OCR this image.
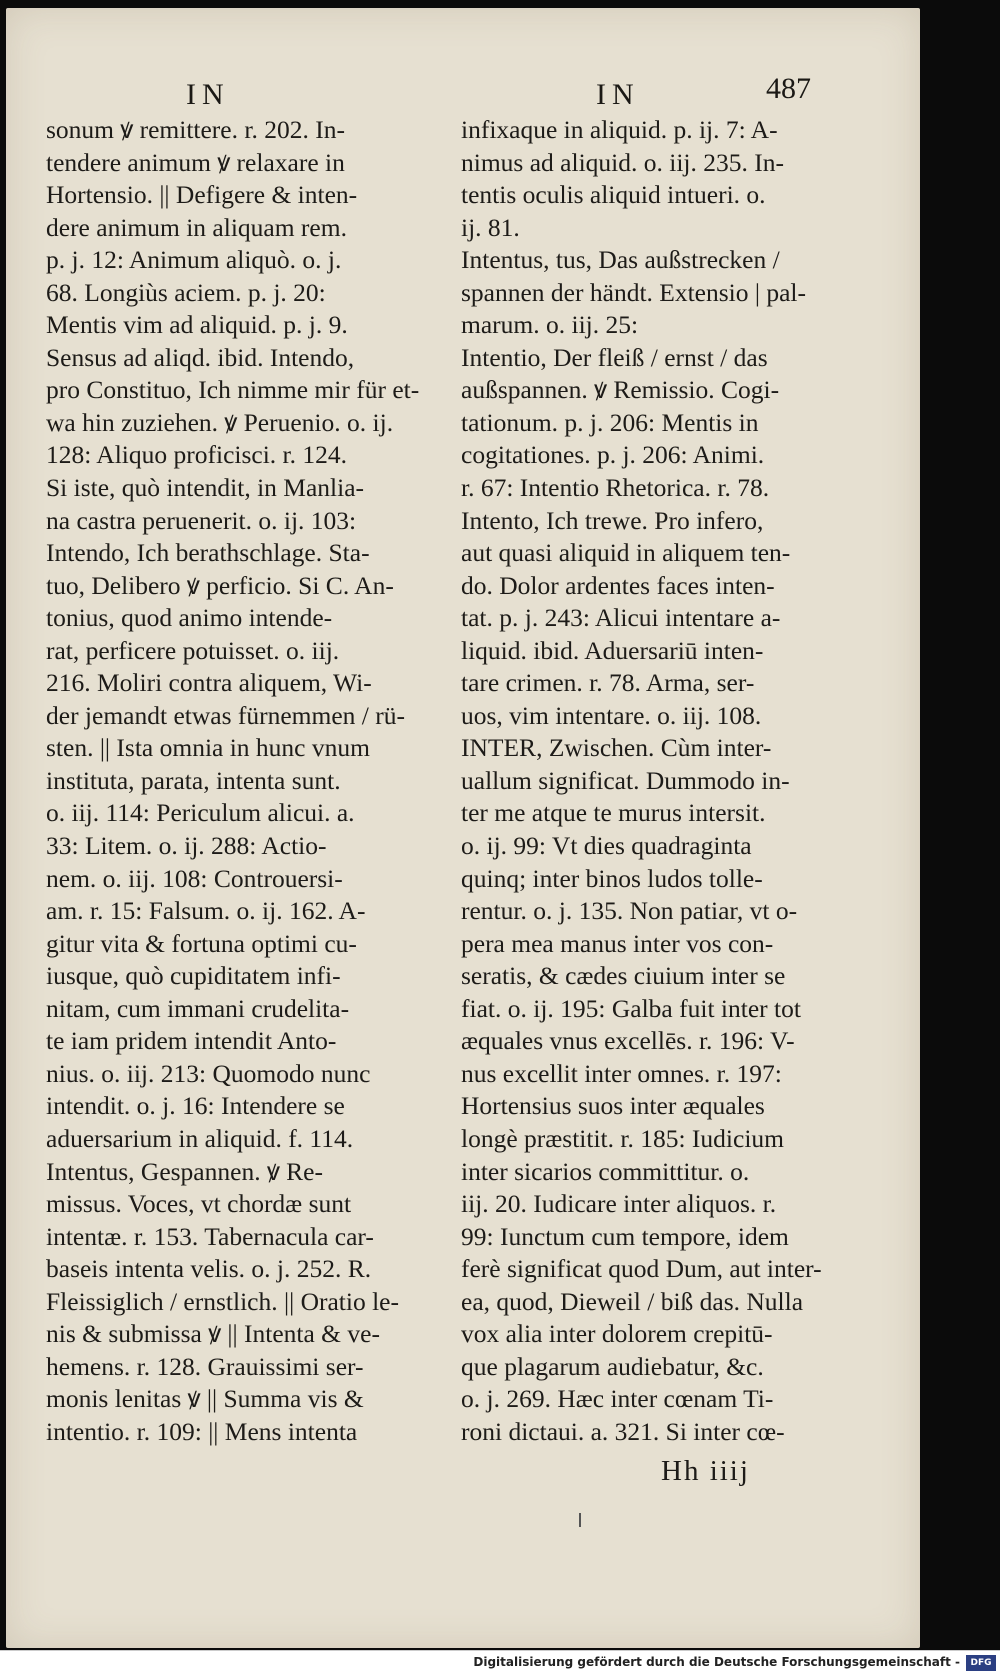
IN	IN	487
sonum ꝟ remittere. r. 202. In-
tendere animum ꝟ relaxare in
Hortensio. || Defigere & inten-
dere animum in aliquam rem.
p. j. 12: Animum aliquò. o. j.
68. Longiùs aciem. p. j. 20:
Mentis vim ad aliquid. p. j. 9.
Sensus ad aliqd. ibid. Intendo,
pro Constituo, Ich nimme mir für et-
wa hin zuziehen. ꝟ Peruenio. o. ij.
128: Aliquo proficisci. r. 124.
Si iste, quò intendit, in Manlia-
na castra peruenerit. o. ij. 103:
Intendo, Ich berathschlage. Sta-
tuo, Delibero ꝟ perficio. Si C. An-
tonius, quod animo intende-
rat, perficere potuisset. o. iij.
216. Moliri contra aliquem, Wi-
der jemandt etwas fürnemmen / rü-
sten. || Ista omnia in hunc vnum
instituta, parata, intenta sunt.
o. iij. 114: Periculum alicui. a.
33: Litem. o. ij. 288: Actio-
nem. o. iij. 108: Controuersi-
am. r. 15: Falsum. o. ij. 162. A-
gitur vita & fortuna optimi cu-
iusque, quò cupiditatem infi-
nitam, cum immani crudelita-
te iam pridem intendit Anto-
nius. o. iij. 213: Quomodo nunc
intendit. o. j. 16: Intendere se
aduersarium in aliquid. f. 114.
Intentus, Gespannen. ꝟ Re-
missus. Voces, vt chordæ sunt
intentæ. r. 153. Tabernacula car-
baseis intenta velis. o. j. 252. R.
Fleissiglich / ernstlich. || Oratio le-
nis & submissa ꝟ || Intenta & ve-
hemens. r. 128. Grauissimi ser-
monis lenitas ꝟ || Summa vis &
intentio. r. 109: || Mens intenta
infixaque in aliquid. p. ij. 7: A-
nimus ad aliquid. o. iij. 235. In-
tentis oculis aliquid intueri. o.
ij. 81.
Intentus, tus, Das außstrecken /
spannen der händt. Extensio | pal-
marum. o. iij. 25:
Intentio, Der fleiß / ernst / das
außspannen. ꝟ Remissio. Cogi-
tationum. p. j. 206: Mentis in
cogitationes. p. j. 206: Animi.
r. 67: Intentio Rhetorica. r. 78.
Intento, Ich trewe. Pro infero,
aut quasi aliquid in aliquem ten-
do. Dolor ardentes faces inten-
tat. p. j. 243: Alicui intentare a-
liquid. ibid. Aduersariū inten-
tare crimen. r. 78. Arma, ser-
uos, vim intentare. o. iij. 108.
INTER, Zwischen. Cùm inter-
uallum significat. Dummodo in-
ter me atque te murus intersit.
o. ij. 99: Vt dies quadraginta
quinq; inter binos ludos tolle-
rentur. o. j. 135. Non patiar, vt o-
pera mea manus inter vos con-
seratis, & cædes ciuium inter se
fiat. o. ij. 195: Galba fuit inter tot
æquales vnus excellēs. r. 196: V-
nus excellit inter omnes. r. 197:
Hortensius suos inter æquales
longè præstitit. r. 185: Iudicium
inter sicarios committitur. o.
iij. 20. Iudicare inter aliquos. r.
99: Iunctum cum tempore, idem
ferè significat quod Dum, aut inter-
ea, quod, Dieweil / biß das. Nulla
vox alia inter dolorem crepitū-
que plagarum audiebatur, &c.
o. j. 269. Hæc inter cœnam Ti-
roni dictaui. a. 321. Si inter cœ-
Hh iiij
Digitalisierung gefördert durch die Deutsche Forschungsgemeinschaft -	DFG
